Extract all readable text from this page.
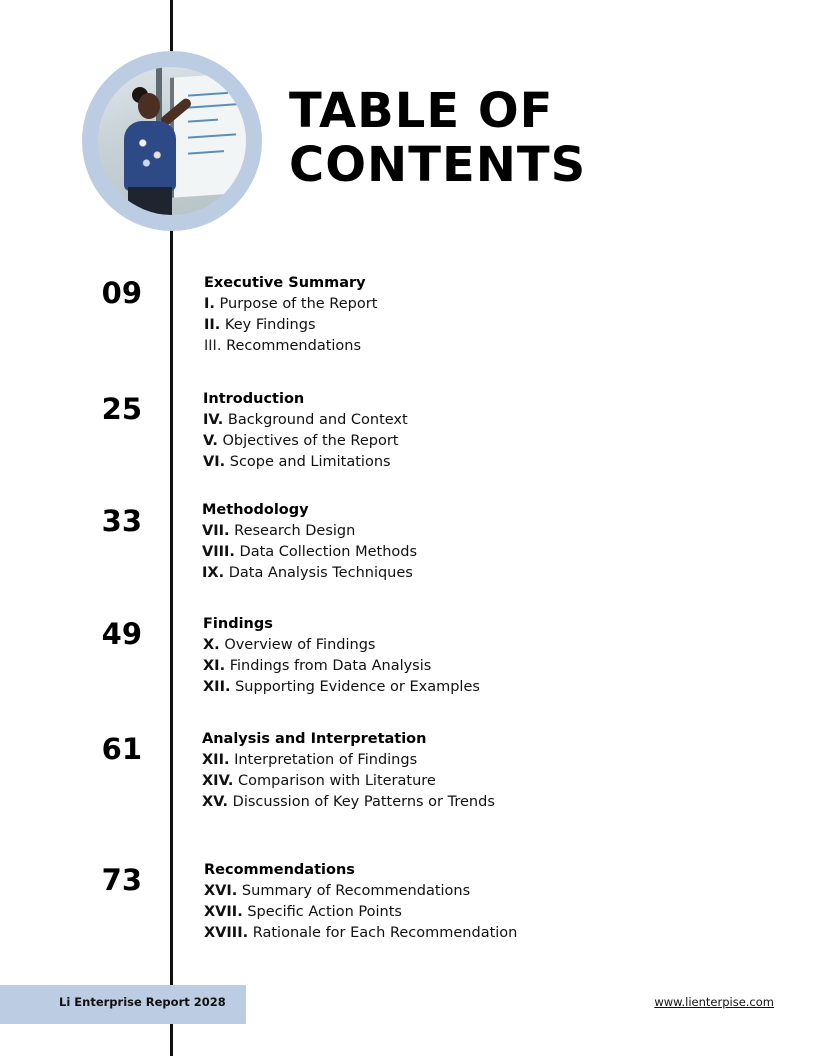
TABLE OF
CONTENTS
09	Executive Summary
I. Purpose of the Report
II. Key Findings
III. Recommendations
25	Introduction
IV. Background and Context
V. Objectives of the Report
VI. Scope and Limitations
33	Methodology
VII. Research Design
VIII. Data Collection Methods
IX. Data Analysis Techniques
49	Findings
X. Overview of Findings
XI. Findings from Data Analysis
XII. Supporting Evidence or Examples
61	Analysis and Interpretation
XII. Interpretation of Findings
XIV. Comparison with Literature
XV. Discussion of Key Patterns or Trends
73	Recommendations
XVI. Summary of Recommendations
XVII. Specific Action Points
XVIII. Rationale for Each Recommendation
Li Enterprise Report 2028	www.lienterpise.com
